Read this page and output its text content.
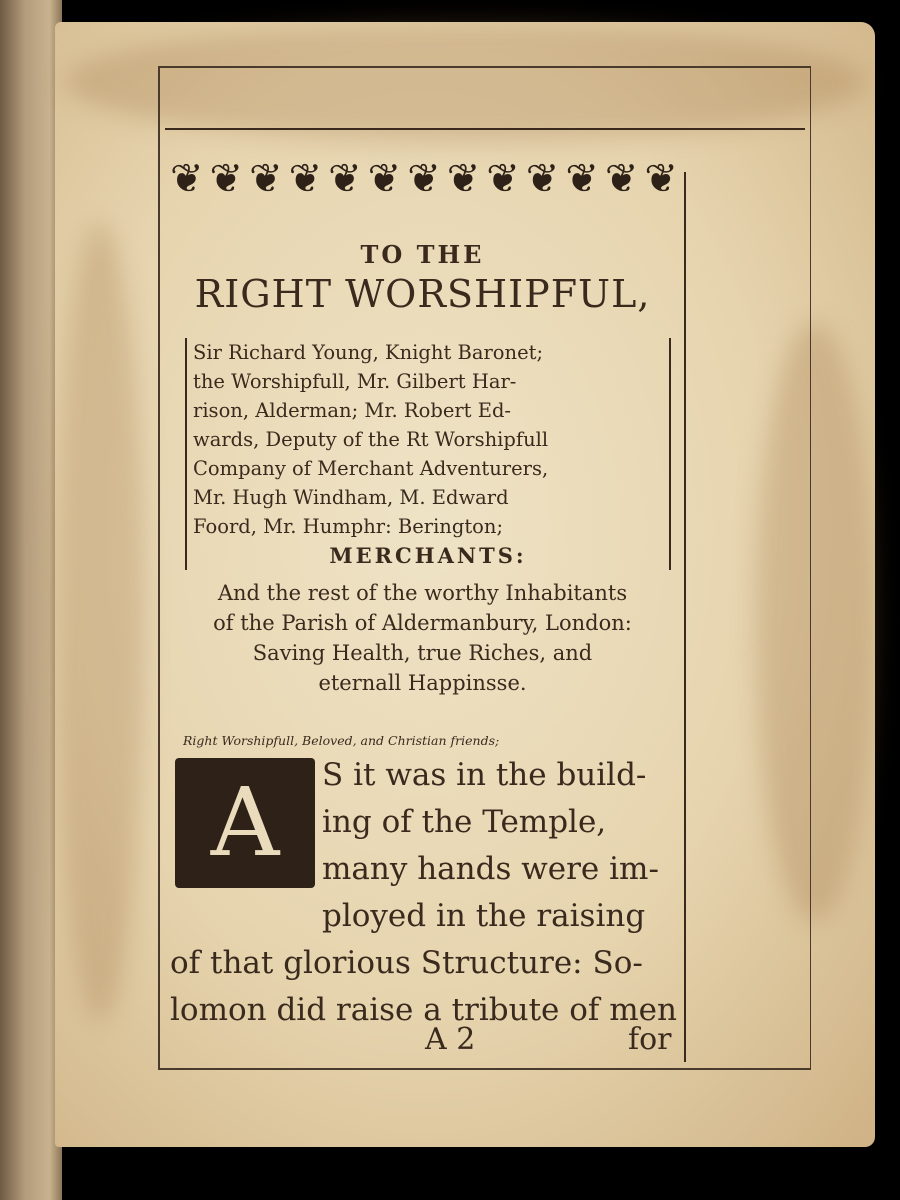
❦ ❦ ❦ ❦ ❦ ❦ ❦ ❦ ❦ ❦ ❦ ❦ ❦
TO THE
RIGHT WORSHIPFUL,
Sir Richard Young, Knight Baronet;
the Worshipfull, Mr. Gilbert Har-
rison, Alderman; Mr. Robert Ed-
wards, Deputy of the Rt Worshipfull
Company of Merchant Adventurers,
Mr. Hugh Windham, M. Edward
Foord, Mr. Humphr: Berington;
MERCHANTS:
And the rest of the worthy Inhabitants
of the Parish of Aldermanbury, London:
Saving Health, true Riches, and
eternall Happinsse.
Right Worshipfull, Beloved, and Christian friends;
A	S it was in the build-
ing of the Temple,
many hands were im-
ployed in the raising
of that glorious Structure: So-
lomon did raise a tribute of men
A 2	for
